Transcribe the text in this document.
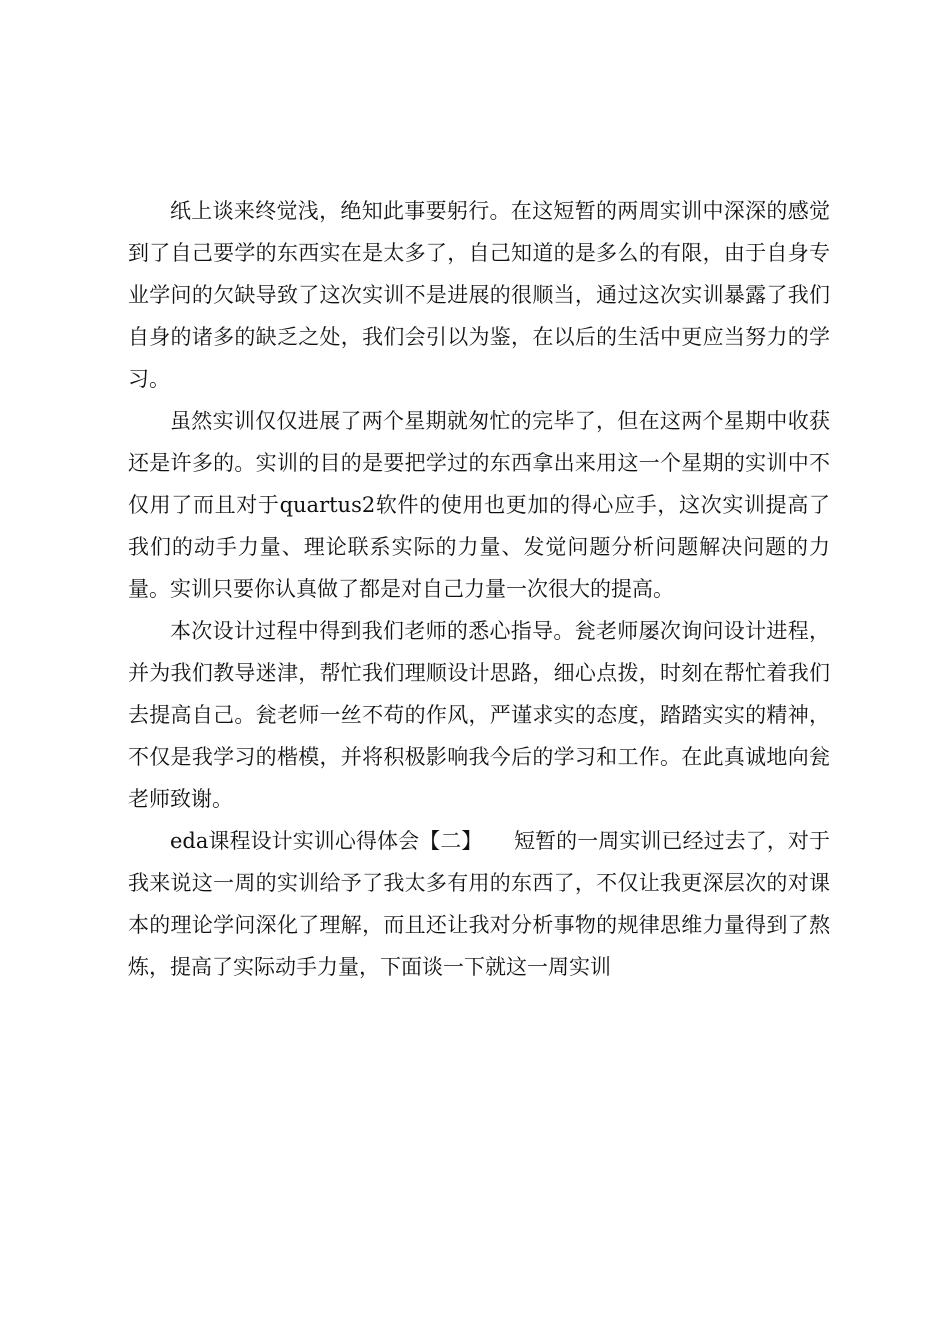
纸上谈来终觉浅，绝知此事要躬行。在这短暂的两周实训中深深的感觉到了自己要学的东西实在是太多了，自己知道的是多么的有限，由于自身专业学问的欠缺导致了这次实训不是进展的很顺当，通过这次实训暴露了我们自身的诸多的缺乏之处，我们会引以为鉴，在以后的生活中更应当努力的学习。

虽然实训仅仅进展了两个星期就匆忙的完毕了，但在这两个星期中收获还是许多的。实训的目的是要把学过的东西拿出来用这一个星期的实训中不仅用了而且对于quartus2软件的使用也更加的得心应手，这次实训提高了我们的动手力量、理论联系实际的力量、发觉问题分析问题解决问题的力量。实训只要你认真做了都是对自己力量一次很大的提高。

本次设计过程中得到我们老师的悉心指导。瓮老师屡次询问设计进程，并为我们教导迷津，帮忙我们理顺设计思路，细心点拨，时刻在帮忙着我们去提高自己。瓮老师一丝不苟的作风，严谨求实的态度，踏踏实实的精神，不仅是我学习的楷模，并将积极影响我今后的学习和工作。在此真诚地向瓮老师致谢。

eda课程设计实训心得体会【二】　　短暂的一周实训已经过去了，对于我来说这一周的实训给予了我太多有用的东西了，不仅让我更深层次的对课本的理论学问深化了理解，而且还让我对分析事物的规律思维力量得到了熬炼，提高了实际动手力量，下面谈一下就这一周实训
